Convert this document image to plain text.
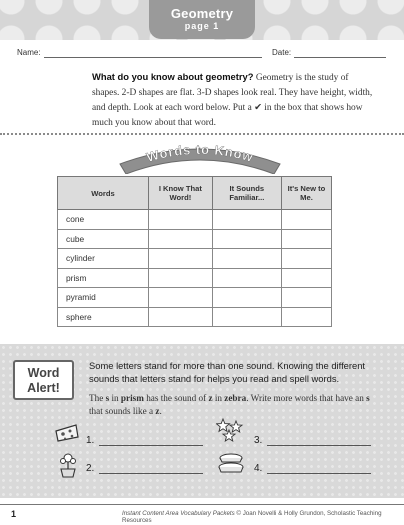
Geometry
page 1
Name:	Date:
What do you know about geometry? Geometry is the study of shapes. 2-D shapes are flat. 3-D shapes look real. They have height, width, and depth. Look at each word below. Put a ✔ in the box that shows how much you know about that word.
Words to Know
Words	I Know That Word!	It Sounds Familiar...	It's New to Me.
cone			
cube			
cylinder			
prism			
pyramid			
sphere			
Word
Alert!
Some letters stand for more than one sound. Knowing the different sounds that letters stand for helps you read and spell words.
The s in prism has the sound of z in zebra. Write more words that have an s that sounds like a z.
1.
2.
3.
4.
1	Instant Content Area Vocabulary Packets © Joan Novelli & Holly Grundon, Scholastic Teaching Resources
